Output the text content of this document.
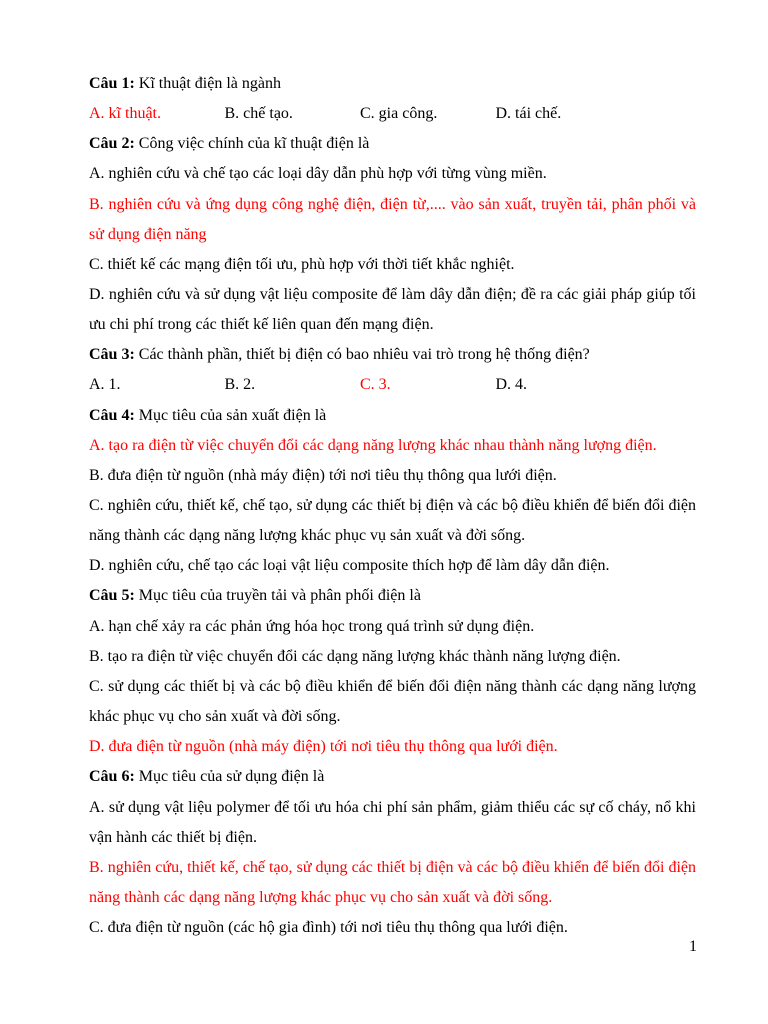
Câu 1: Kĩ thuật điện là ngành
A. kĩ thuật.	B. chế tạo.	C. gia công.	D. tái chế.
Câu 2: Công việc chính của kĩ thuật điện là
A. nghiên cứu và chế tạo các loại dây dẫn phù hợp với từng vùng miền.
B. nghiên cứu và ứng dụng công nghệ điện, điện từ,.... vào sản xuất, truyền tải, phân phối và sử dụng điện năng
C. thiết kế các mạng điện tối ưu, phù hợp với thời tiết khắc nghiệt.
D. nghiên cứu và sử dụng vật liệu composite để làm dây dẫn điện; đề ra các giải pháp giúp tối ưu chi phí trong các thiết kế liên quan đến mạng điện.
Câu 3: Các thành phần, thiết bị điện có bao nhiêu vai trò trong hệ thống điện?
A. 1.	B. 2.	C. 3.	D. 4.
Câu 4: Mục tiêu của sản xuất điện là
A. tạo ra điện từ việc chuyển đổi các dạng năng lượng khác nhau thành năng lượng điện.
B. đưa điện từ nguồn (nhà máy điện) tới nơi tiêu thụ thông qua lưới điện.
C. nghiên cứu, thiết kế, chế tạo, sử dụng các thiết bị điện và các bộ điều khiển để biến đổi điện năng thành các dạng năng lượng khác phục vụ sản xuất và đời sống.
D. nghiên cứu, chế tạo các loại vật liệu composite thích hợp để làm dây dẫn điện.
Câu 5: Mục tiêu của truyền tải và phân phối điện là
A. hạn chế xảy ra các phản ứng hóa học trong quá trình sử dụng điện.
B. tạo ra điện từ việc chuyển đổi các dạng năng lượng khác thành năng lượng điện.
C. sử dụng các thiết bị và các bộ điều khiển để biến đổi điện năng thành các dạng năng lượng khác phục vụ cho sản xuất và đời sống.
D. đưa điện từ nguồn (nhà máy điện) tới nơi tiêu thụ thông qua lưới điện.
Câu 6: Mục tiêu của sử dụng điện là
A. sử dụng vật liệu polymer để tối ưu hóa chi phí sản phẩm, giảm thiểu các sự cố cháy, nổ khi vận hành các thiết bị điện.
B. nghiên cứu, thiết kế, chế tạo, sử dụng các thiết bị điện và các bộ điều khiển để biến đổi điện năng thành các dạng năng lượng khác phục vụ cho sản xuất và đời sống.
C. đưa điện từ nguồn (các hộ gia đình) tới nơi tiêu thụ thông qua lưới điện.
1
